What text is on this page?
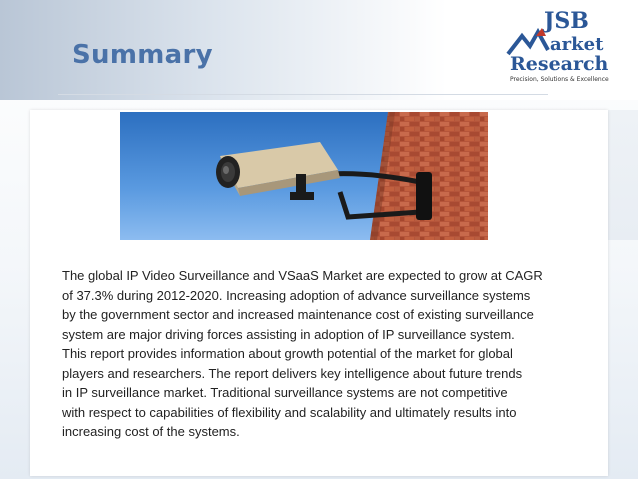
Summary
JSB
arket
Research
Precision, Solutions & Excellence

The global IP Video Surveillance and VSaaS Market are expected to grow at CAGR
of 37.3% during 2012-2020. Increasing adoption of advance surveillance systems
by the government sector and increased maintenance cost of existing surveillance
system are major driving forces assisting in adoption of IP surveillance system.
This report provides information about growth potential of the market for global
players and researchers. The report delivers key intelligence about future trends
in IP surveillance market. Traditional surveillance systems are not competitive
with respect to capabilities of flexibility and scalability and ultimately results into
increasing cost of the systems.
